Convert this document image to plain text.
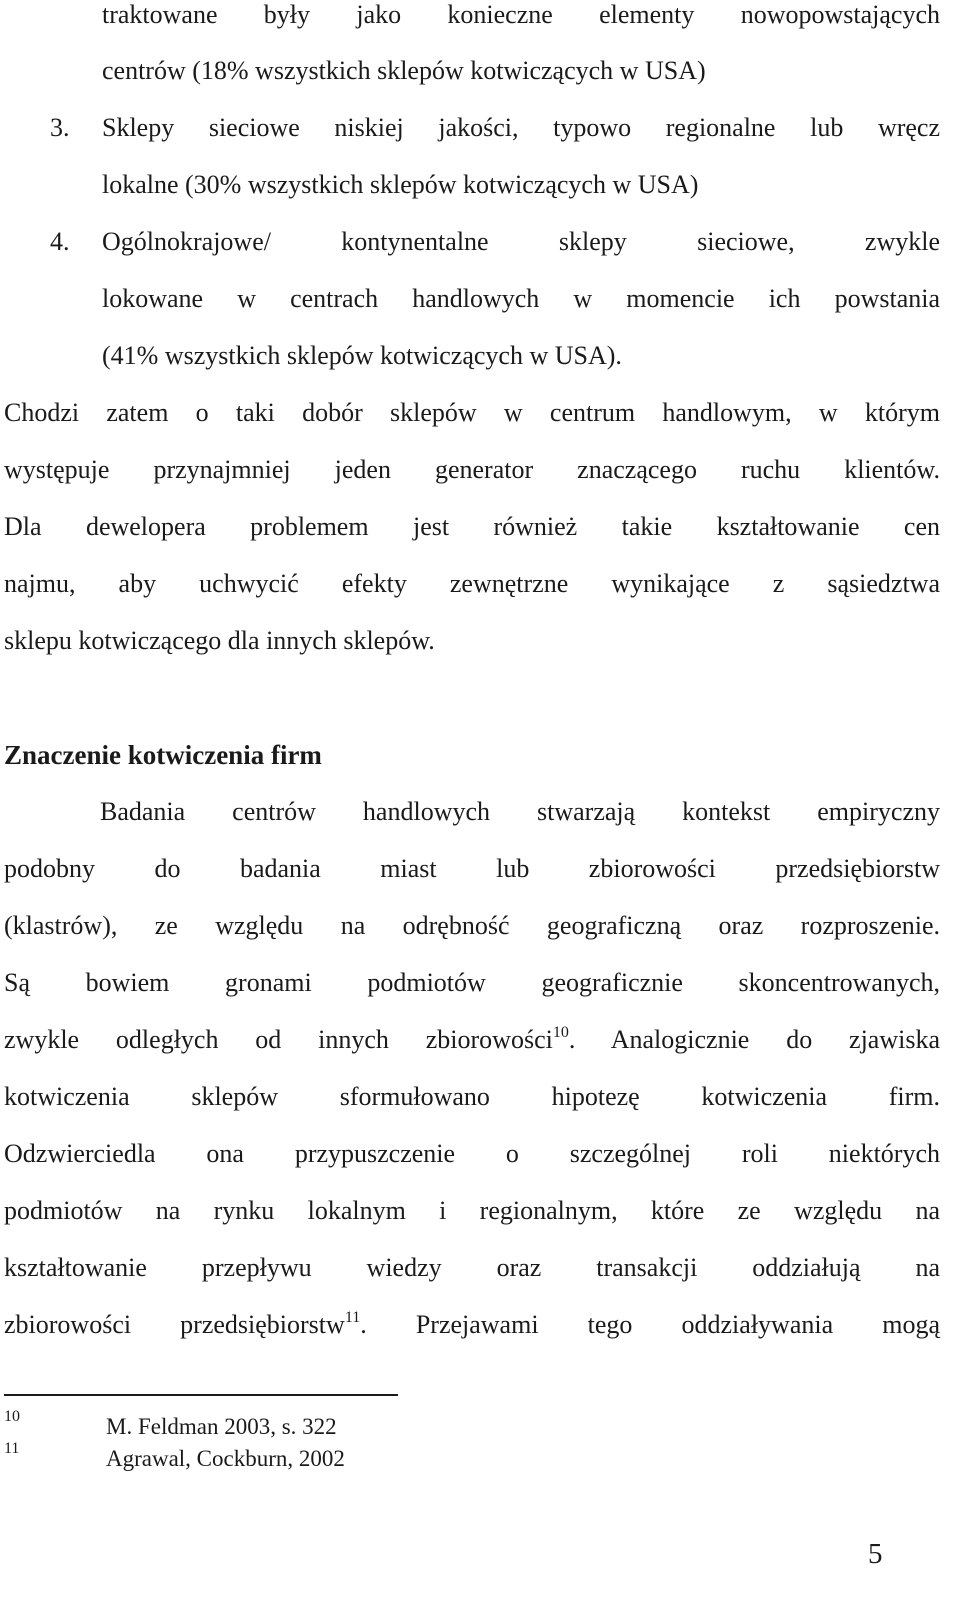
traktowane były jako konieczne elementy nowopowstających
centrów (18% wszystkich sklepów kotwiczących w USA)
3. Sklepy sieciowe niskiej jakości, typowo regionalne lub wręcz
lokalne (30% wszystkich sklepów kotwiczących w USA)
4. Ogólnokrajowe/ kontynentalne sklepy sieciowe, zwykle
lokowane w centrach handlowych w momencie ich powstania
(41% wszystkich sklepów kotwiczących w USA).
Chodzi zatem o taki dobór sklepów w centrum handlowym, w którym
występuje przynajmniej jeden generator znaczącego ruchu klientów.
Dla dewelopera problemem jest również takie kształtowanie cen
najmu, aby uchwycić efekty zewnętrzne wynikające z sąsiedztwa
sklepu kotwiczącego dla innych sklepów.
Znaczenie kotwiczenia firm
Badania centrów handlowych stwarzają kontekst empiryczny
podobny do badania miast lub zbiorowości przedsiębiorstw
(klastrów), ze względu na odrębność geograficzną oraz rozproszenie.
Są bowiem gronami podmiotów geograficznie skoncentrowanych,
zwykle odległych od innych zbiorowości$^{10}$. Analogicznie do zjawiska
kotwiczenia sklepów sformułowano hipotezę kotwiczenia firm.
Odzwierciedla ona przypuszczenie o szczególnej roli niektórych
podmiotów na rynku lokalnym i regionalnym, które ze względu na
kształtowanie przepływu wiedzy oraz transakcji oddziałują na
zbiorowości przedsiębiorstw$^{11}$. Przejawami tego oddziaływania mogą
10	M. Feldman 2003, s. 322
11	Agrawal, Cockburn, 2002
5
